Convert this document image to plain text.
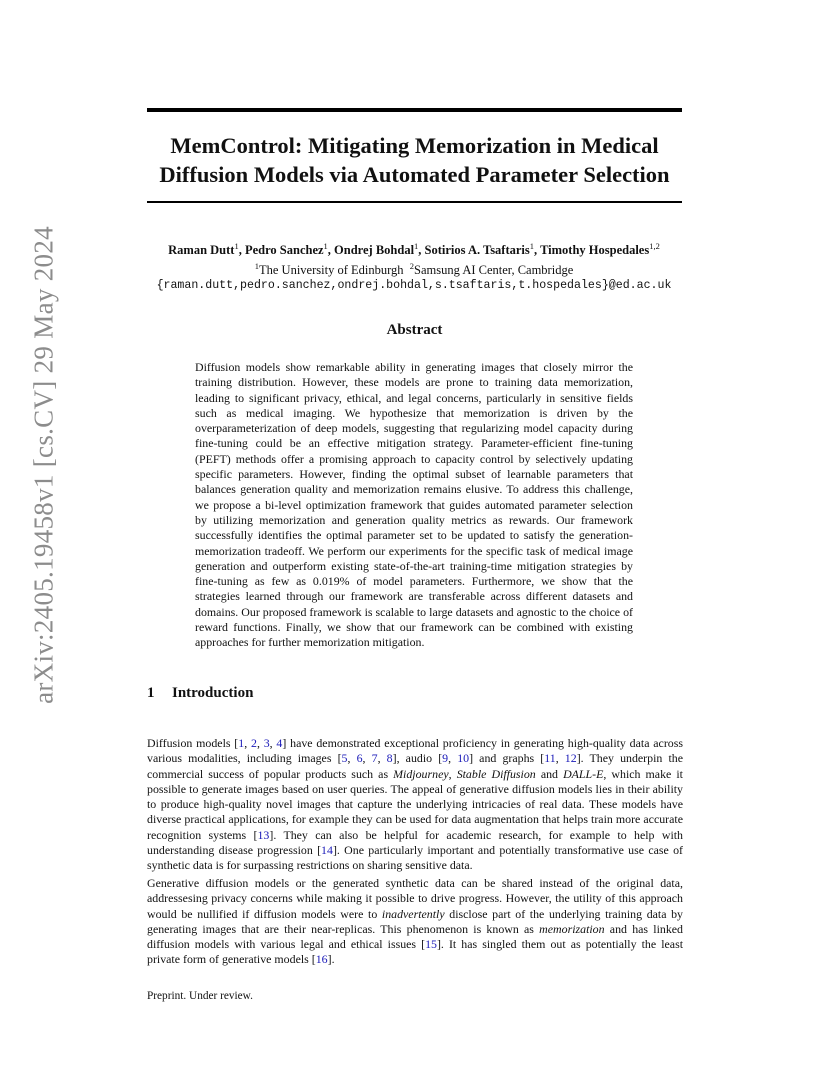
arXiv:2405.19458v1 [cs.CV] 29 May 2024
MemControl: Mitigating Memorization in Medical
Diffusion Models via Automated Parameter Selection
Raman Dutt$^1$, Pedro Sanchez$^1$, Ondrej Bohdal$^1$, Sotirios A. Tsaftaris$^1$, Timothy Hospedales$^{1,2}$
$^1$The University of Edinburgh $^2$Samsung AI Center, Cambridge
{raman.dutt,pedro.sanchez,ondrej.bohdal,s.tsaftaris,t.hospedales}@ed.ac.uk
Abstract
Diffusion models show remarkable ability in generating images that closely mirror the training distribution. However, these models are prone to training data memorization, leading to significant privacy, ethical, and legal concerns, particularly in sensitive fields such as medical imaging. We hypothesize that memorization is driven by the overparameterization of deep models, suggesting that regularizing model capacity during fine-tuning could be an effective mitigation strategy. Parameter-efficient fine-tuning (PEFT) methods offer a promising approach to capacity control by selectively updating specific parameters. However, finding the optimal subset of learnable parameters that balances generation quality and memorization remains elusive. To address this challenge, we propose a bi-level optimization framework that guides automated parameter selection by utilizing memorization and generation quality metrics as rewards. Our framework successfully identifies the optimal parameter set to be updated to satisfy the generation-memorization tradeoff. We perform our experiments for the specific task of medical image generation and outperform existing state-of-the-art training-time mitigation strategies by fine-tuning as few as 0.019% of model parameters. Furthermore, we show that the strategies learned through our framework are transferable across different datasets and domains. Our proposed framework is scalable to large datasets and agnostic to the choice of reward functions. Finally, we show that our framework can be combined with existing approaches for further memorization mitigation.
1 Introduction
Diffusion models [1, 2, 3, 4] have demonstrated exceptional proficiency in generating high-quality data across various modalities, including images [5, 6, 7, 8], audio [9, 10] and graphs [11, 12]. They underpin the commercial success of popular products such as Midjourney, Stable Diffusion and DALL-E, which make it possible to generate images based on user queries. The appeal of generative diffusion models lies in their ability to produce high-quality novel images that capture the underlying intricacies of real data. These models have diverse practical applications, for example they can be used for data augmentation that helps train more accurate recognition systems [13]. They can also be helpful for academic research, for example to help with understanding disease progression [14]. One particularly important and potentially transformative use case of synthetic data is for surpassing restrictions on sharing sensitive data.
Generative diffusion models or the generated synthetic data can be shared instead of the original data, addressesing privacy concerns while making it possible to drive progress. However, the utility of this approach would be nullified if diffusion models were to inadvertently disclose part of the underlying training data by generating images that are their near-replicas. This phenomenon is known as memorization and has linked diffusion models with various legal and ethical issues [15]. It has singled them out as potentially the least private form of generative models [16].
Preprint. Under review.
